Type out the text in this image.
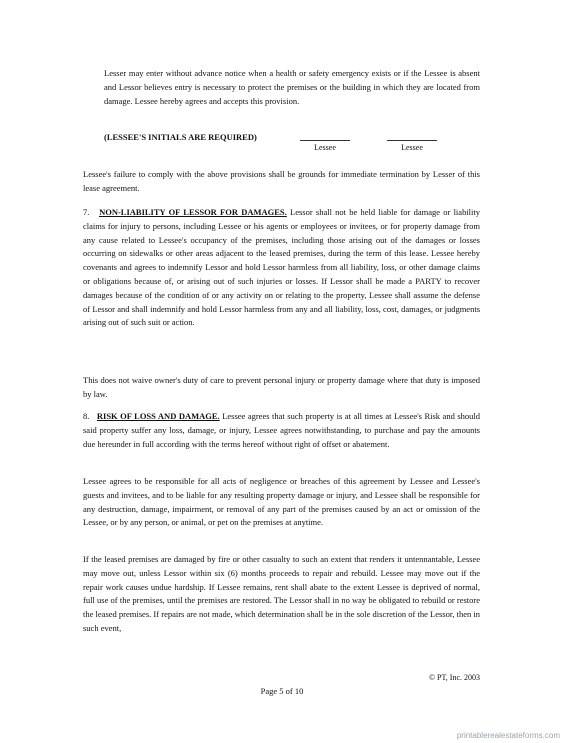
Lesser may enter without advance notice when a health or safety emergency exists or if the Lessee is absent and Lessor believes entry is necessary to protect the premises or the building in which they are located from damage. Lessee hereby agrees and accepts this provision.

(LESSEE'S INITIALS ARE REQUIRED)
Lessee	Lessee

Lessee's failure to comply with the above provisions shall be grounds for immediate termination by Lesser of this lease agreement.

7. NON-LIABILITY OF LESSOR FOR DAMAGES. Lessor shall not be held liable for damage or liability claims for injury to persons, including Lessee or his agents or employees or invitees, or for property damage from any cause related to Lessee's occupancy of the premises, including those arising out of the damages or losses occurring on sidewalks or other areas adjacent to the leased premises, during the term of this lease. Lessee hereby covenants and agrees to indemnify Lessor and hold Lessor harmless from all liability, loss, or other damage claims or obligations because of, or arising out of such injuries or losses. If Lessor shall be made a PARTY to recover damages because of the condition of or any activity on or relating to the property, Lessee shall assume the defense of Lessor and shall indemnify and hold Lessor harmless from any and all liability, loss, cost, damages, or judgments arising out of such suit or action.

This does not waive owner's duty of care to prevent personal injury or property damage where that duty is imposed by law.

8. RISK OF LOSS AND DAMAGE. Lessee agrees that such property is at all times at Lessee's Risk and should said property suffer any loss, damage, or injury, Lessee agrees notwithstanding, to purchase and pay the amounts due hereunder in full according with the terms hereof without right of offset or abatement.

Lessee agrees to be responsible for all acts of negligence or breaches of this agreement by Lessee and Lessee's guests and invitees, and to be liable for any resulting property damage or injury, and Lessee shall be responsible for any destruction, damage, impairment, or removal of any part of the premises caused by an act or omission of the Lessee, or by any person, or animal, or pet on the premises at anytime.

If the leased premises are damaged by fire or other casualty to such an extent that renders it untennantable, Lessee may move out, unless Lessor within six (6) months proceeds to repair and rebuild. Lessee may move out if the repair work causes undue hardship. If Lessee remains, rent shall abate to the extent Lessee is deprived of normal, full use of the premises, until the premises are restored. The Lessor shall in no way be obligated to rebuild or restore the leased premises. If repairs are not made, which determination shall be in the sole discretion of the Lessor, then in such event,

© PT, Inc. 2003
Page 5 of 10
printablerealestateforms.com
